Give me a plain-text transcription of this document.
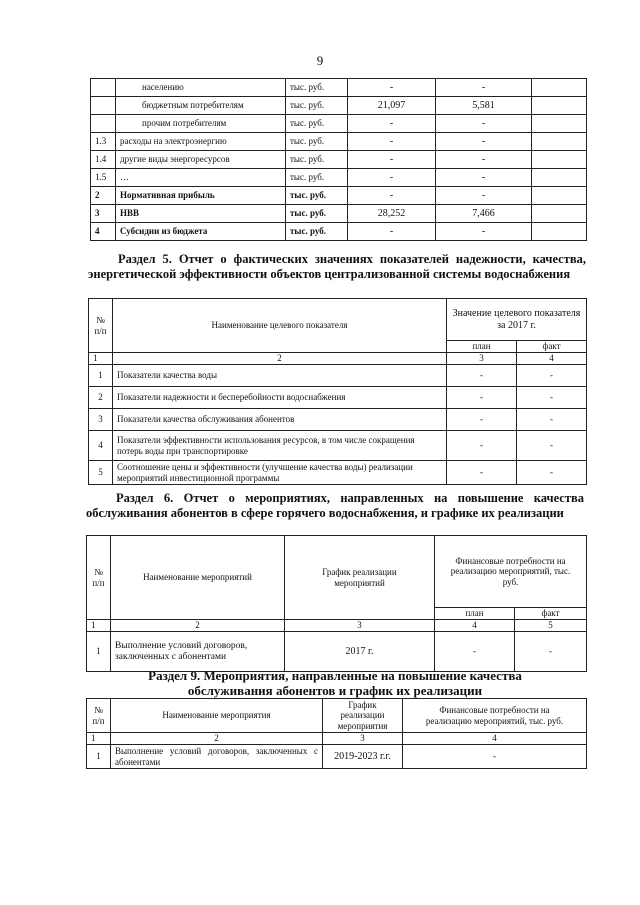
9
	населению	тыс. руб.	-	-	
	бюджетным потребителям	тыс. руб.	21,097	5,581	
	прочим потребителям	тыс. руб.	-	-	
1.3	расходы на электроэнергию	тыс. руб.	-	-	
1.4	другие виды энергоресурсов	тыс. руб.	-	-	
1.5	…	тыс. руб.	-	-	
2	Нормативная прибыль	тыс. руб.	-	-	
3	НВВ	тыс. руб.	28,252	7,466	
4	Субсидии из бюджета	тыс. руб.	-	-	
Раздел 5. Отчет о фактических значениях показателей надежности, качества, энергетической эффективности объектов централизованной системы водоснабжения
№ п/п	Наименование целевого показателя	Значение целевого показателя за 2017 г.	
		план	факт
1	2	3	4
1	Показатели качества воды	-	-
2	Показатели надежности и бесперебойности водоснабжения	-	-
3	Показатели качества обслуживания абонентов	-	-
4	Показатели эффективности использования ресурсов, в том числе сокращения потерь воды при транспортировке	-	-
5	Соотношение цены и эффективности (улучшение качества воды) реализации мероприятий инвестиционной программы	-	-
Раздел 6. Отчет о мероприятиях, направленных на повышение качества обслуживания абонентов в сфере горячего водоснабжения, и графике их реализации
№ п/п	Наименование мероприятий	График реализации мероприятий	Финансовые потребности на реализацию мероприятий, тыс. руб.	
			план	факт
1	2	3	4	5
1	Выполнение условий договоров, заключенных с абонентами	2017 г.	-	-
Раздел 9. Мероприятия, направленные на повышение качества
обслуживания абонентов и график их реализации
№ п/п	Наименование мероприятия	График реализации мероприятия	Финансовые потребности на реализацию мероприятий, тыс. руб.
1	2	3	4
1	Выполнение условий договоров, заключенных с абонентами	2019-2023 г.г.	-
